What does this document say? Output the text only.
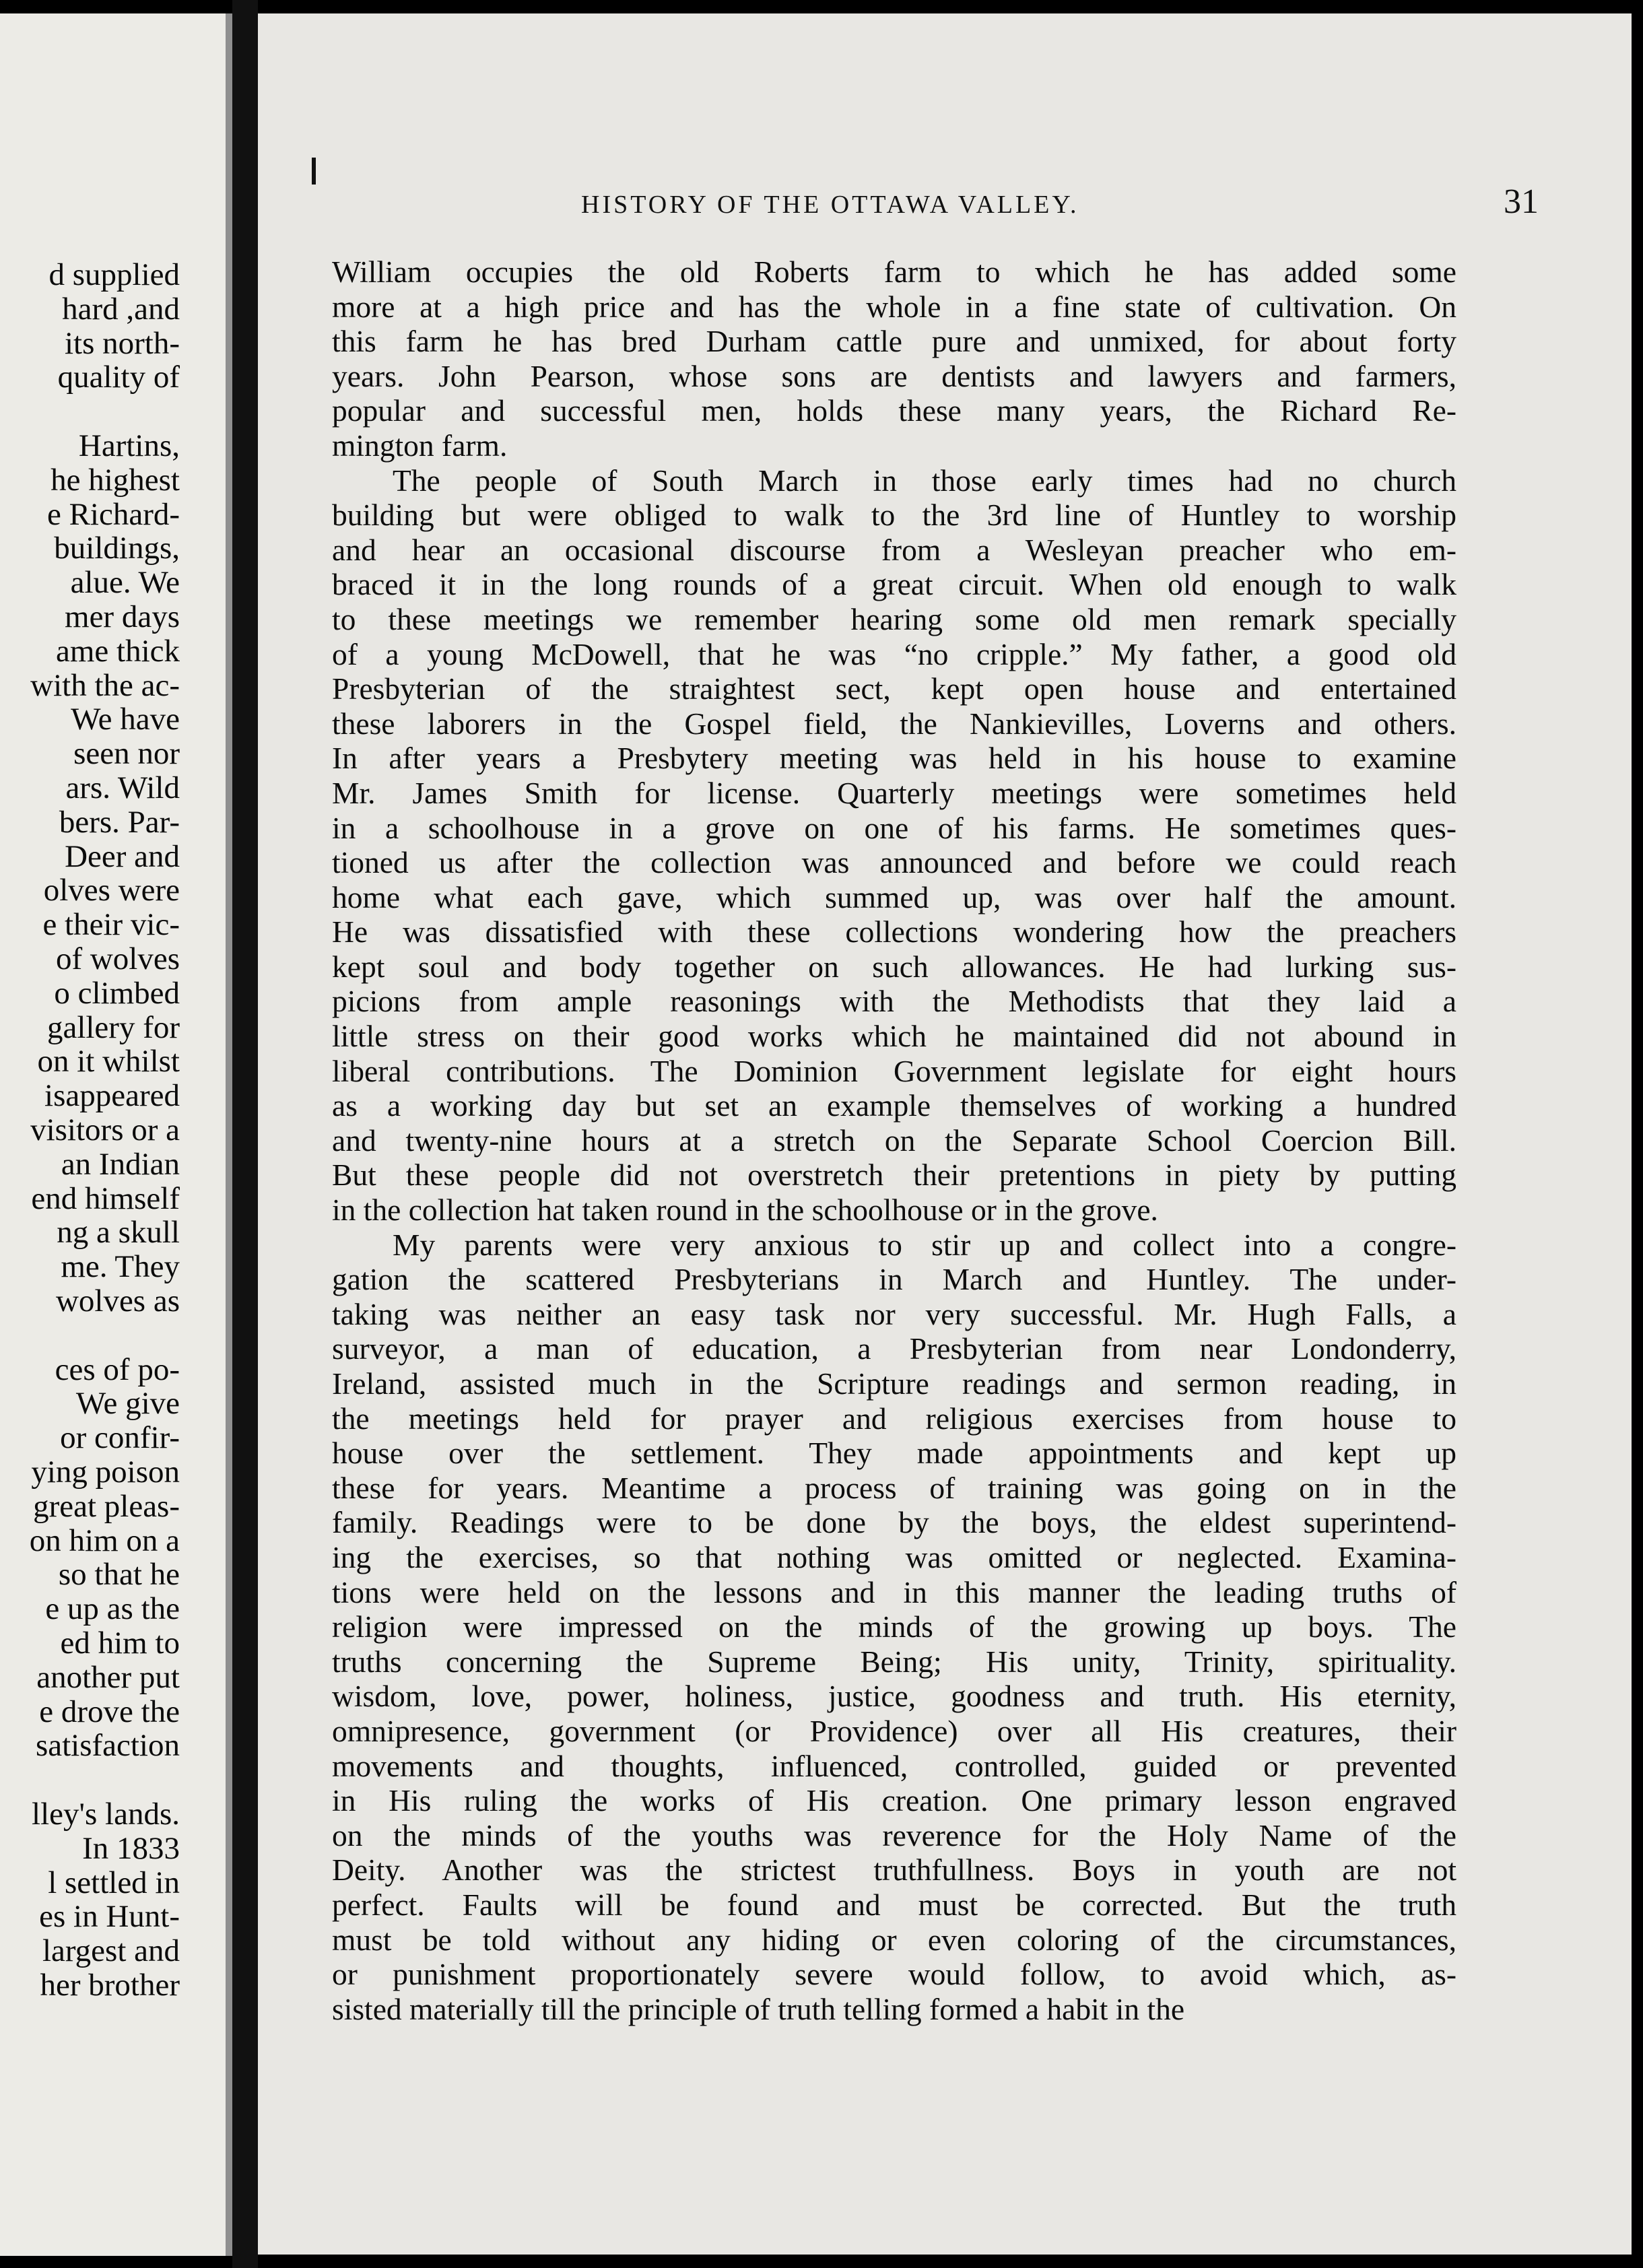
d supplied
hard ,and
its north-
quality of
Hartins,
he highest
e Richard-
buildings,
alue. We
mer days
ame thick
with the ac-
We have
seen nor
ars. Wild
bers. Par-
Deer and
olves were
e their vic-
of wolves
o climbed
gallery for
on it whilst
isappeared
visitors or a
an Indian
end himself
ng a skull
me. They
wolves as
ces of po-
We give
or confir-
ying poison
great pleas-
on him on a
so that he
e up as the
ed him to
another put
e drove the
satisfaction
lley's lands.
In 1833
l settled in
es in Hunt-
largest and
her brother
HISTORY OF THE OTTAWA VALLEY.	31
William occupies the old Roberts farm to which he has added some
more at a high price and has the whole in a fine state of cultivation. On
this farm he has bred Durham cattle pure and unmixed, for about forty
years. John Pearson, whose sons are dentists and lawyers and farmers,
popular and successful men, holds these many years, the Richard Re-
mington farm.
The people of South March in those early times had no church
building but were obliged to walk to the 3rd line of Huntley to worship
and hear an occasional discourse from a Wesleyan preacher who em-
braced it in the long rounds of a great circuit. When old enough to walk
to these meetings we remember hearing some old men remark specially
of a young McDowell, that he was “no cripple.” My father, a good old
Presbyterian of the straightest sect, kept open house and entertained
these laborers in the Gospel field, the Nankievilles, Loverns and others.
In after years a Presbytery meeting was held in his house to examine
Mr. James Smith for license. Quarterly meetings were sometimes held
in a schoolhouse in a grove on one of his farms. He sometimes ques-
tioned us after the collection was announced and before we could reach
home what each gave, which summed up, was over half the amount.
He was dissatisfied with these collections wondering how the preachers
kept soul and body together on such allowances. He had lurking sus-
picions from ample reasonings with the Methodists that they laid a
little stress on their good works which he maintained did not abound in
liberal contributions. The Dominion Government legislate for eight hours
as a working day but set an example themselves of working a hundred
and twenty-nine hours at a stretch on the Separate School Coercion Bill.
But these people did not overstretch their pretentions in piety by putting
in the collection hat taken round in the schoolhouse or in the grove.
My parents were very anxious to stir up and collect into a congre-
gation the scattered Presbyterians in March and Huntley. The under-
taking was neither an easy task nor very successful. Mr. Hugh Falls, a
surveyor, a man of education, a Presbyterian from near Londonderry,
Ireland, assisted much in the Scripture readings and sermon reading, in
the meetings held for prayer and religious exercises from house to
house over the settlement. They made appointments and kept up
these for years. Meantime a process of training was going on in the
family. Readings were to be done by the boys, the eldest superintend-
ing the exercises, so that nothing was omitted or neglected. Examina-
tions were held on the lessons and in this manner the leading truths of
religion were impressed on the minds of the growing up boys. The
truths concerning the Supreme Being; His unity, Trinity, spirituality.
wisdom, love, power, holiness, justice, goodness and truth. His eternity,
omnipresence, government (or Providence) over all His creatures, their
movements and thoughts, influenced, controlled, guided or prevented
in His ruling the works of His creation. One primary lesson engraved
on the minds of the youths was reverence for the Holy Name of the
Deity. Another was the strictest truthfullness. Boys in youth are not
perfect. Faults will be found and must be corrected. But the truth
must be told without any hiding or even coloring of the circumstances,
or punishment proportionately severe would follow, to avoid which, as-
sisted materially till the principle of truth telling formed a habit in the
